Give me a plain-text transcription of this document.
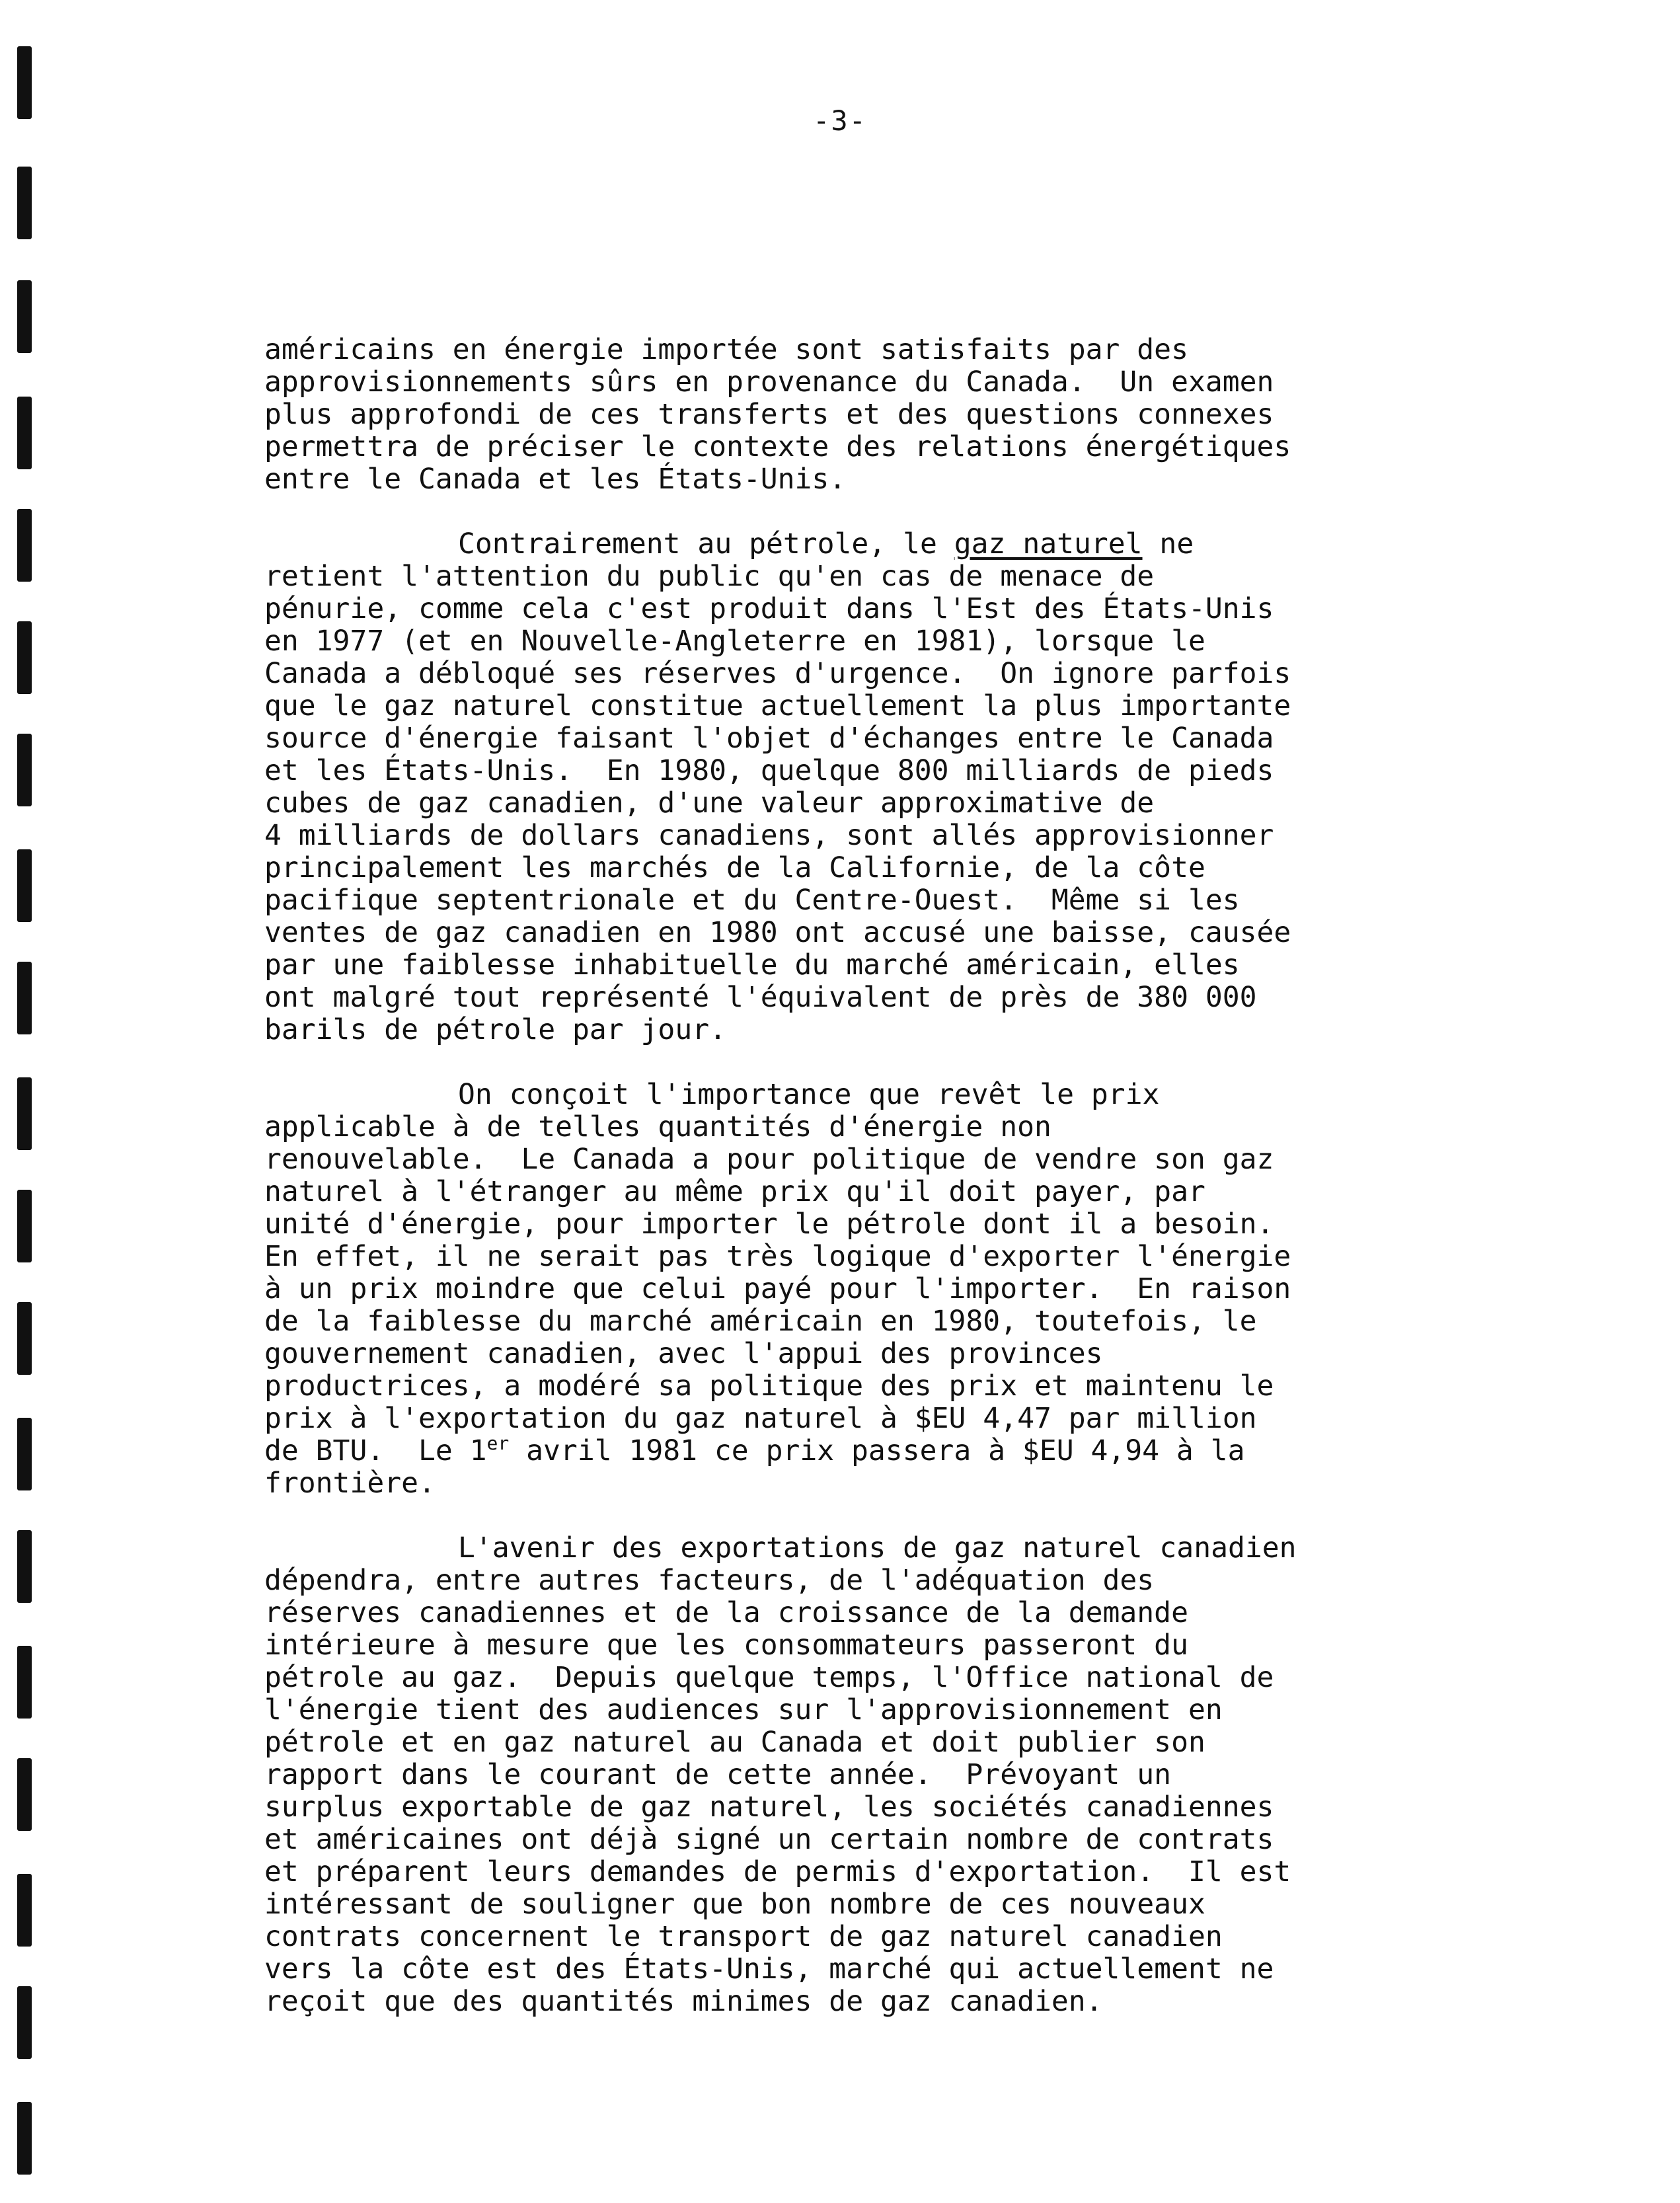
-3-
américains en énergie importée sont satisfaits par des
approvisionnements sûrs en provenance du Canada.  Un examen
plus approfondi de ces transferts et des questions connexes
permettra de préciser le contexte des relations énergétiques
entre le Canada et les États-Unis.
Contrairement au pétrole, le gaz naturel ne
retient l'attention du public qu'en cas de menace de
pénurie, comme cela c'est produit dans l'Est des États-Unis
en 1977 (et en Nouvelle-Angleterre en 1981), lorsque le
Canada a débloqué ses réserves d'urgence.  On ignore parfois
que le gaz naturel constitue actuellement la plus importante
source d'énergie faisant l'objet d'échanges entre le Canada
et les États-Unis.  En 1980, quelque 800 milliards de pieds
cubes de gaz canadien, d'une valeur approximative de
4 milliards de dollars canadiens, sont allés approvisionner
principalement les marchés de la Californie, de la côte
pacifique septentrionale et du Centre-Ouest.  Même si les
ventes de gaz canadien en 1980 ont accusé une baisse, causée
par une faiblesse inhabituelle du marché américain, elles
ont malgré tout représenté l'équivalent de près de 380 000
barils de pétrole par jour.
On conçoit l'importance que revêt le prix
applicable à de telles quantités d'énergie non
renouvelable.  Le Canada a pour politique de vendre son gaz
naturel à l'étranger au même prix qu'il doit payer, par
unité d'énergie, pour importer le pétrole dont il a besoin.
En effet, il ne serait pas très logique d'exporter l'énergie
à un prix moindre que celui payé pour l'importer.  En raison
de la faiblesse du marché américain en 1980, toutefois, le
gouvernement canadien, avec l'appui des provinces
productrices, a modéré sa politique des prix et maintenu le
prix à l'exportation du gaz naturel à $EU 4,47 par million
de BTU.  Le 1er avril 1981 ce prix passera à $EU 4,94 à la
frontière.
L'avenir des exportations de gaz naturel canadien
dépendra, entre autres facteurs, de l'adéquation des
réserves canadiennes et de la croissance de la demande
intérieure à mesure que les consommateurs passeront du
pétrole au gaz.  Depuis quelque temps, l'Office national de
l'énergie tient des audiences sur l'approvisionnement en
pétrole et en gaz naturel au Canada et doit publier son
rapport dans le courant de cette année.  Prévoyant un
surplus exportable de gaz naturel, les sociétés canadiennes
et américaines ont déjà signé un certain nombre de contrats
et préparent leurs demandes de permis d'exportation.  Il est
intéressant de souligner que bon nombre de ces nouveaux
contrats concernent le transport de gaz naturel canadien
vers la côte est des États-Unis, marché qui actuellement ne
reçoit que des quantités minimes de gaz canadien.
